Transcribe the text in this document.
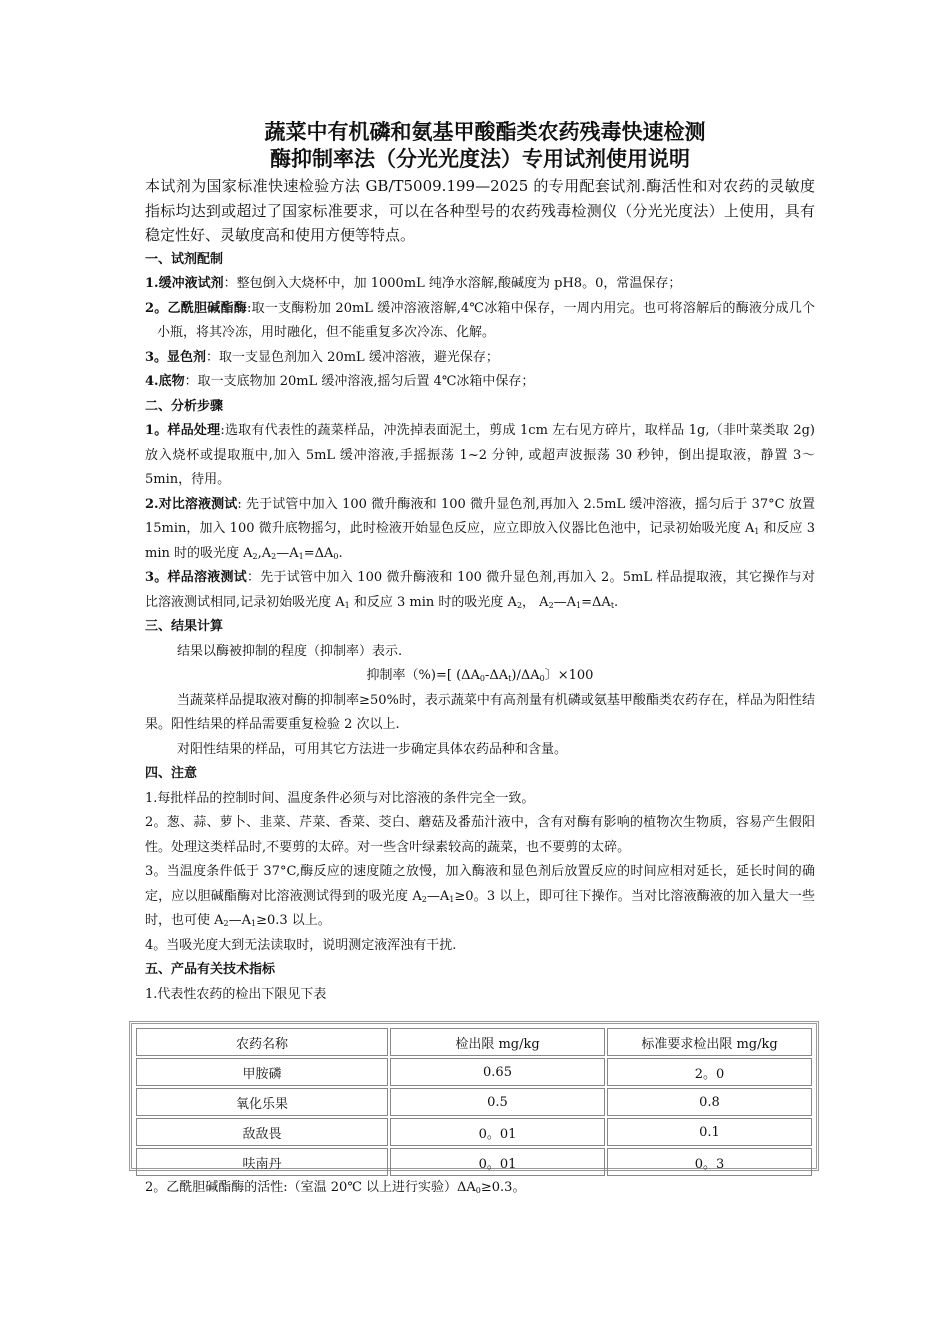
蔬菜中有机磷和氨基甲酸酯类农药残毒快速检测

酶抑制率法（分光光度法）专用试剂使用说明

本试剂为国家标准快速检验方法 GB/T5009.199—2025 的专用配套试剂.酶活性和对农药的灵敏度指标均达到或超过了国家标准要求，可以在各种型号的农药残毒检测仪（分光光度法）上使用，具有稳定性好、灵敏度高和使用方便等特点。

一、试剂配制

1.缓冲液试剂：整包倒入大烧杯中，加 1000mL 纯净水溶解,酸碱度为 pH8。0，常温保存；

2。乙酰胆碱酯酶:取一支酶粉加 20mL 缓冲溶液溶解,4℃冰箱中保存，一周内用完。也可将溶解后的酶液分成几个小瓶，将其冷冻，用时融化，但不能重复多次冷冻、化解。

3。显色剂：取一支显色剂加入 20mL 缓冲溶液，避光保存；

4.底物：取一支底物加 20mL 缓冲溶液,摇匀后置 4℃冰箱中保存；

二、分析步骤

1。样品处理:选取有代表性的蔬菜样品，冲洗掉表面泥土，剪成 1cm 左右见方碎片，取样品 1g,（非叶菜类取 2g)放入烧杯或提取瓶中,加入 5mL 缓冲溶液,手摇振荡 1~2 分钟, 或超声波振荡 30 秒钟，倒出提取液，静置 3～5min，待用。

2.对比溶液测试: 先于试管中加入 100 微升酶液和 100 微升显色剂,再加入 2.5mL 缓冲溶液，摇匀后于 37°C 放置 15min，加入 100 微升底物摇匀，此时检液开始显色反应，应立即放入仪器比色池中，记录初始吸光度 $A_1$ 和反应 3 min 时的吸光度 $A_2,A_2—A_1=\Delta A_0$.

3。样品溶液测试：先于试管中加入 100 微升酶液和 100 微升显色剂,再加入 2。5mL 样品提取液，其它操作与对比溶液测试相同,记录初始吸光度 $A_1$ 和反应 3 min 时的吸光度 $A_2$， $A_2—A_1=\Delta A_t$.

三、结果计算

结果以酶被抑制的程度（抑制率）表示.

抑制率（%)=[ $(\Delta A_0-\Delta A_t)/\Delta A_0$〕×100

当蔬菜样品提取液对酶的抑制率≥50%时，表示蔬菜中有高剂量有机磷或氨基甲酸酯类农药存在，样品为阳性结果。阳性结果的样品需要重复检验 2 次以上.

对阳性结果的样品，可用其它方法进一步确定具体农药品种和含量。

四、注意

1.每批样品的控制时间、温度条件必须与对比溶液的条件完全一致。

2。葱、蒜、萝卜、韭菜、芹菜、香菜、茭白、蘑菇及番茄汁液中，含有对酶有影响的植物次生物质，容易产生假阳性。处理这类样品时,不要剪的太碎。对一些含叶绿素较高的蔬菜，也不要剪的太碎。

3。当温度条件低于 37°C,酶反应的速度随之放慢，加入酶液和显色剂后放置反应的时间应相对延长，延长时间的确定，应以胆碱酯酶对比溶液测试得到的吸光度 $A_2—A_1\ge 0$。3 以上，即可往下操作。当对比溶液酶液的加入量大一些时，也可使 $A_2—A_1\ge 0.3$ 以上。

4。当吸光度大到无法读取时，说明测定液浑浊有干扰.

五、产品有关技术指标

1.代表性农药的检出下限见下表

农药名称	检出限 mg/kg	标准要求检出限 mg/kg
甲胺磷	0.65	2。0
氧化乐果	0.5	0.8
敌敌畏	0。01	0.1
呋南丹	0。01	0。3

2。乙酰胆碱酯酶的活性:（室温 20℃ 以上进行实验）$\Delta A_0\ge 0.3$。
